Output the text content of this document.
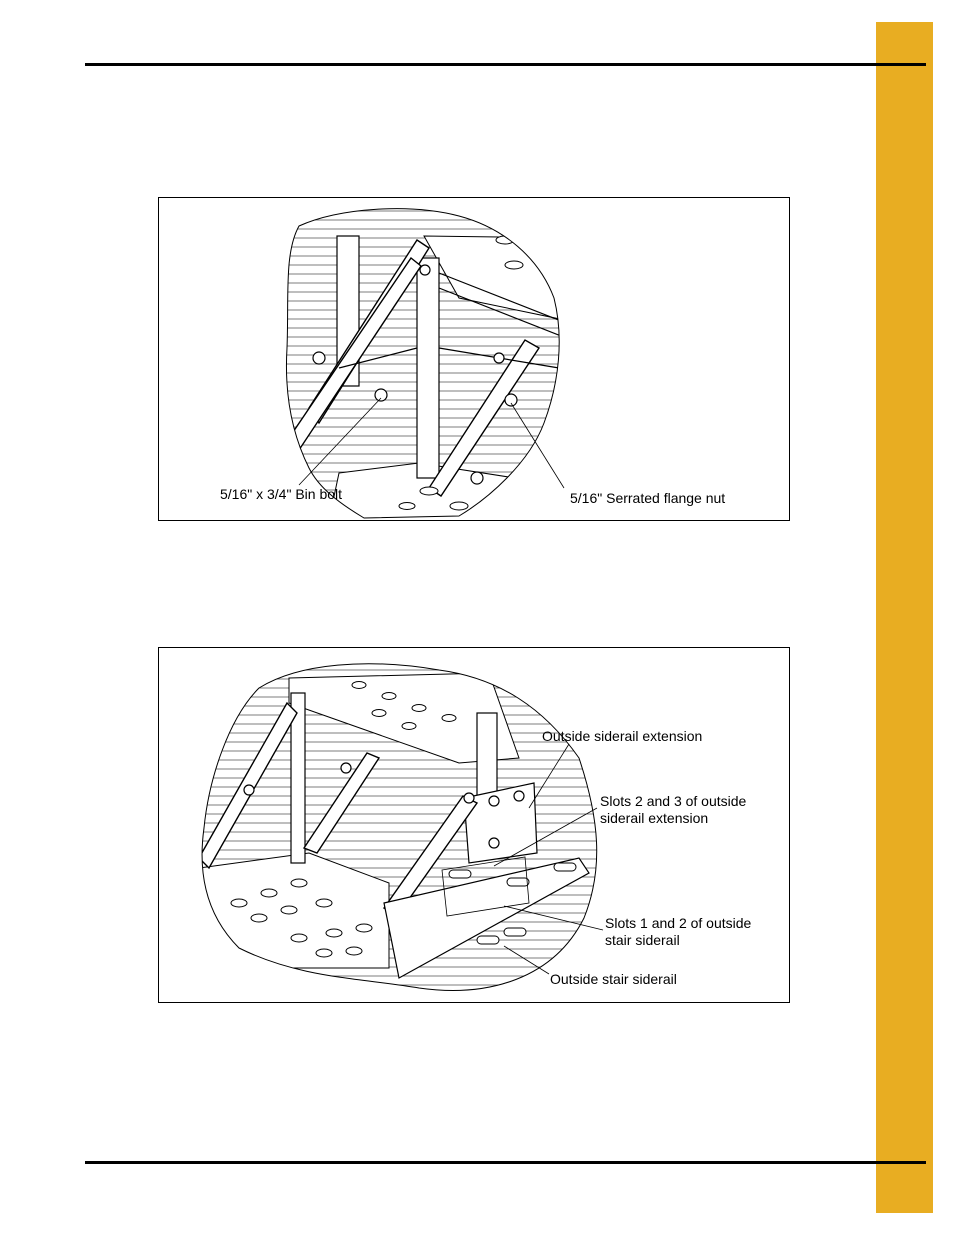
5/16" x 3/4" Bin bolt	5/16" Serrated flange nut
Outside siderail extension
Slots 2 and 3 of outside
siderail extension
Slots 1 and 2 of outside
stair siderail
Outside stair siderail
